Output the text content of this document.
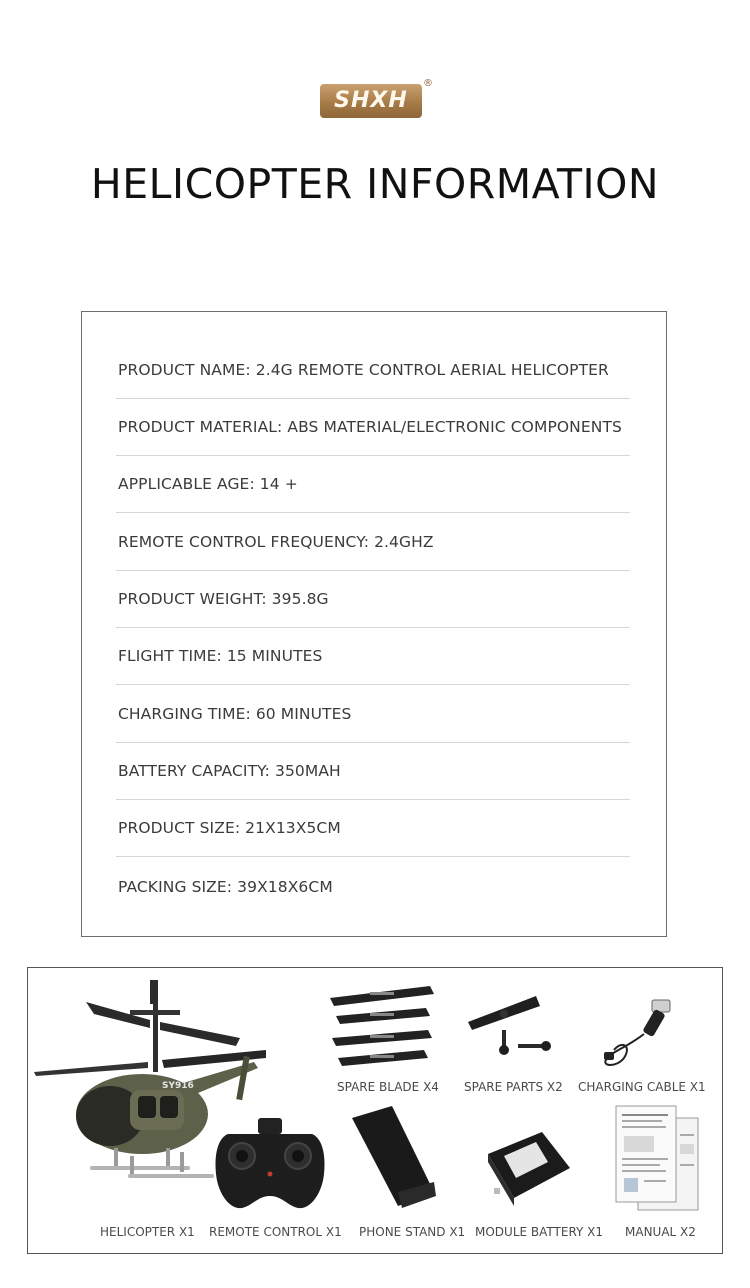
SHXH
®
HELICOPTER INFORMATION
PRODUCT NAME: 2.4G REMOTE CONTROL AERIAL HELICOPTER
PRODUCT MATERIAL: ABS MATERIAL/ELECTRONIC COMPONENTS
APPLICABLE AGE: 14 +
REMOTE CONTROL FREQUENCY: 2.4GHZ
PRODUCT WEIGHT: 395.8G
FLIGHT TIME: 15 MINUTES
CHARGING TIME: 60 MINUTES
BATTERY CAPACITY: 350MAH
PRODUCT SIZE: 21X13X5CM
PACKING SIZE: 39X18X6CM
SY916
HELICOPTER X1
SPARE BLADE X4 SPARE PARTS X2 CHARGING CABLE X1
REMOTE CONTROL X1 PHONE STAND X1 MODULE BATTERY X1 MANUAL X2
